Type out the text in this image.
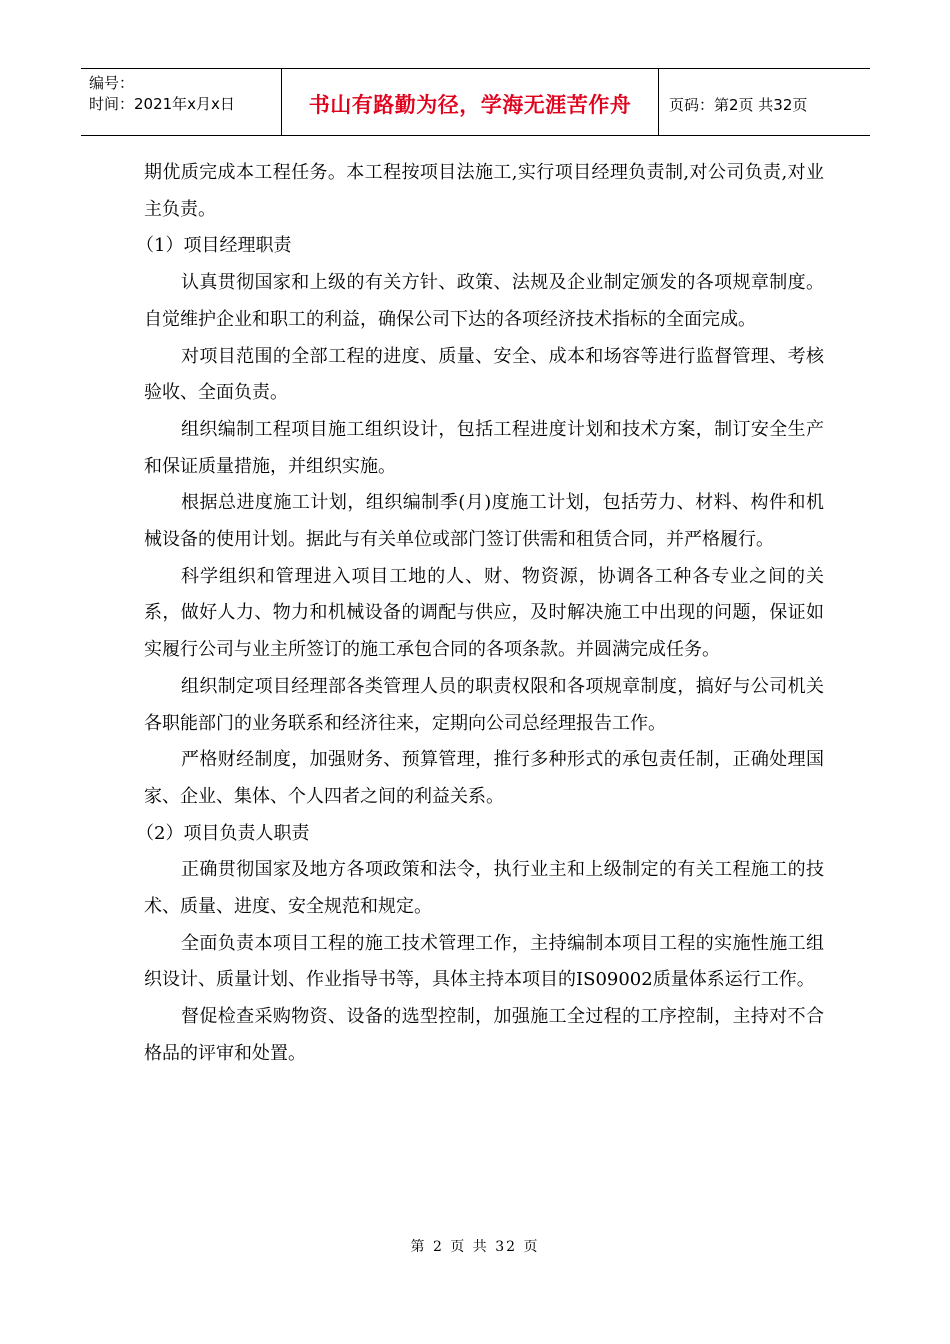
编号：
时间：2021年x月x日	书山有路勤为径，学海无涯苦作舟	页码：第2页 共32页

期优质完成本工程任务。本工程按项目法施工,实行项目经理负责制,对公司负责,对业主负责。

（1）项目经理职责

认真贯彻国家和上级的有关方针、政策、法规及企业制定颁发的各项规章制度。自觉维护企业和职工的利益，确保公司下达的各项经济技术指标的全面完成。

对项目范围的全部工程的进度、质量、安全、成本和场容等进行监督管理、考核验收、全面负责。

组织编制工程项目施工组织设计，包括工程进度计划和技术方案，制订安全生产和保证质量措施，并组织实施。

根据总进度施工计划，组织编制季(月)度施工计划，包括劳力、材料、构件和机械设备的使用计划。据此与有关单位或部门签订供需和租赁合同，并严格履行。

科学组织和管理进入项目工地的人、财、物资源，协调各工种各专业之间的关系，做好人力、物力和机械设备的调配与供应，及时解决施工中出现的问题，保证如实履行公司与业主所签订的施工承包合同的各项条款。并圆满完成任务。

组织制定项目经理部各类管理人员的职责权限和各项规章制度，搞好与公司机关各职能部门的业务联系和经济往来，定期向公司总经理报告工作。

严格财经制度，加强财务、预算管理，推行多种形式的承包责任制，正确处理国家、企业、集体、个人四者之间的利益关系。

（2）项目负责人职责

正确贯彻国家及地方各项政策和法令，执行业主和上级制定的有关工程施工的技术、质量、进度、安全规范和规定。

全面负责本项目工程的施工技术管理工作，主持编制本项目工程的实施性施工组织设计、质量计划、作业指导书等，具体主持本项目的IS09002质量体系运行工作。

督促检查采购物资、设备的选型控制，加强施工全过程的工序控制，主持对不合格品的评审和处置。

第 2 页 共 32 页
